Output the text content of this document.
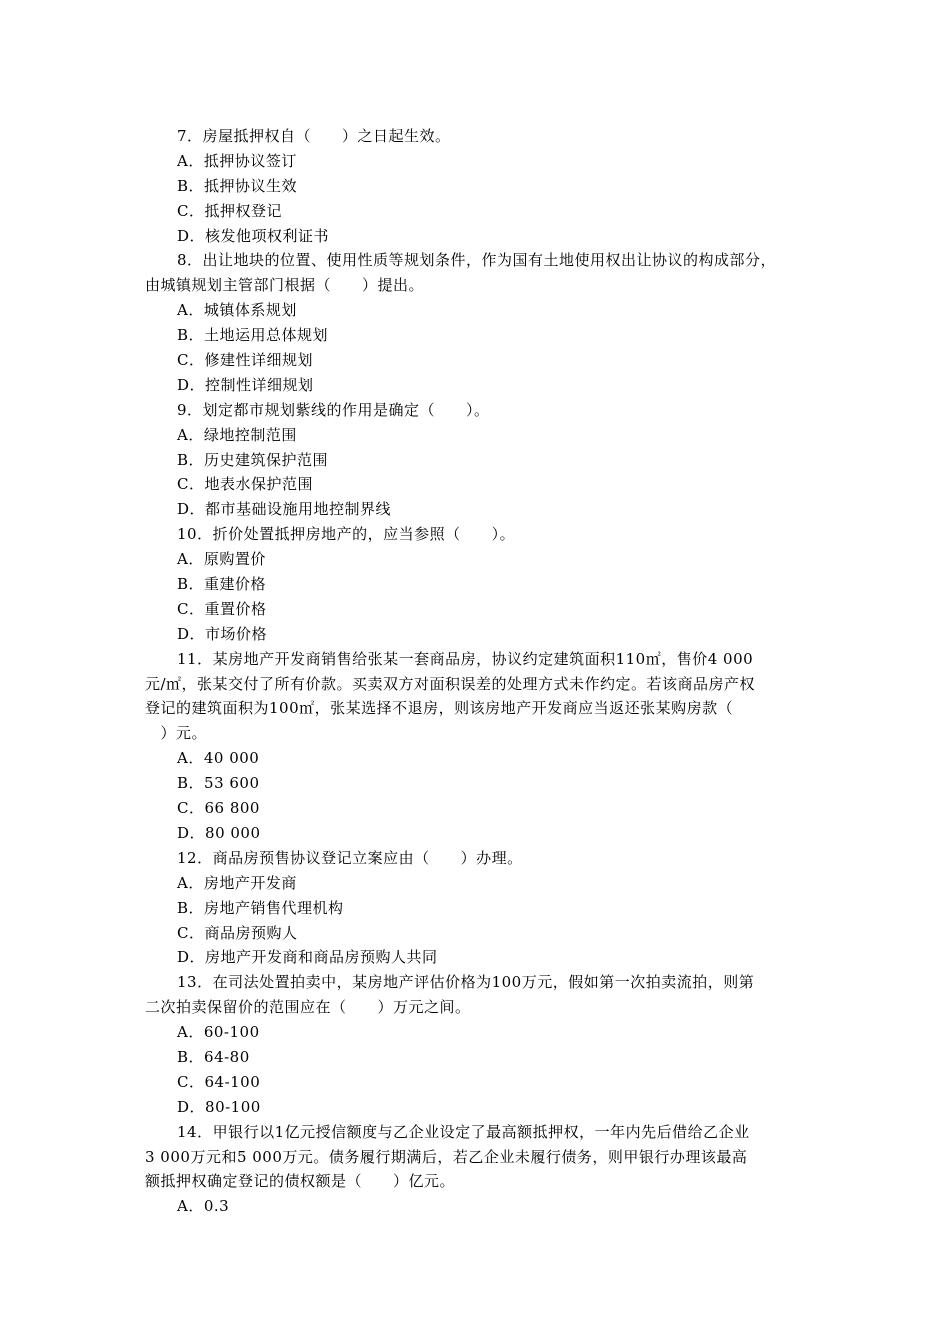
7．房屋抵押权自（　　）之日起生效。
A．抵押协议签订
B．抵押协议生效
C．抵押权登记
D．核发他项权利证书
8．出让地块的位置、使用性质等规划条件，作为国有土地使用权出让协议的构成部分，
由城镇规划主管部门根据（　　）提出。
A．城镇体系规划
B．土地运用总体规划
C．修建性详细规划
D．控制性详细规划
9．划定都市规划紫线的作用是确定（　　）。
A．绿地控制范围
B．历史建筑保护范围
C．地表水保护范围
D．都市基础设施用地控制界线
10．折价处置抵押房地产的，应当参照（　　）。
A．原购置价
B．重建价格
C．重置价格
D．市场价格
11．某房地产开发商销售给张某一套商品房，协议约定建筑面积110㎡，售价4 000
元/㎡，张某交付了所有价款。买卖双方对面积误差的处理方式未作约定。若该商品房产权
登记的建筑面积为100㎡，张某选择不退房，则该房地产开发商应当返还张某购房款（
　）元。
A．40 000
B．53 600
C．66 800
D．80 000
12．商品房预售协议登记立案应由（　　）办理。
A．房地产开发商
B．房地产销售代理机构
C．商品房预购人
D．房地产开发商和商品房预购人共同
13．在司法处置拍卖中，某房地产评估价格为100万元，假如第一次拍卖流拍，则第
二次拍卖保留价的范围应在（　　）万元之间。
A．60-100
B．64-80
C．64-100
D．80-100
14．甲银行以1亿元授信额度与乙企业设定了最高额抵押权，一年内先后借给乙企业
3 000万元和5 000万元。债务履行期满后，若乙企业未履行债务，则甲银行办理该最高
额抵押权确定登记的债权额是（　　）亿元。
A．0.3
